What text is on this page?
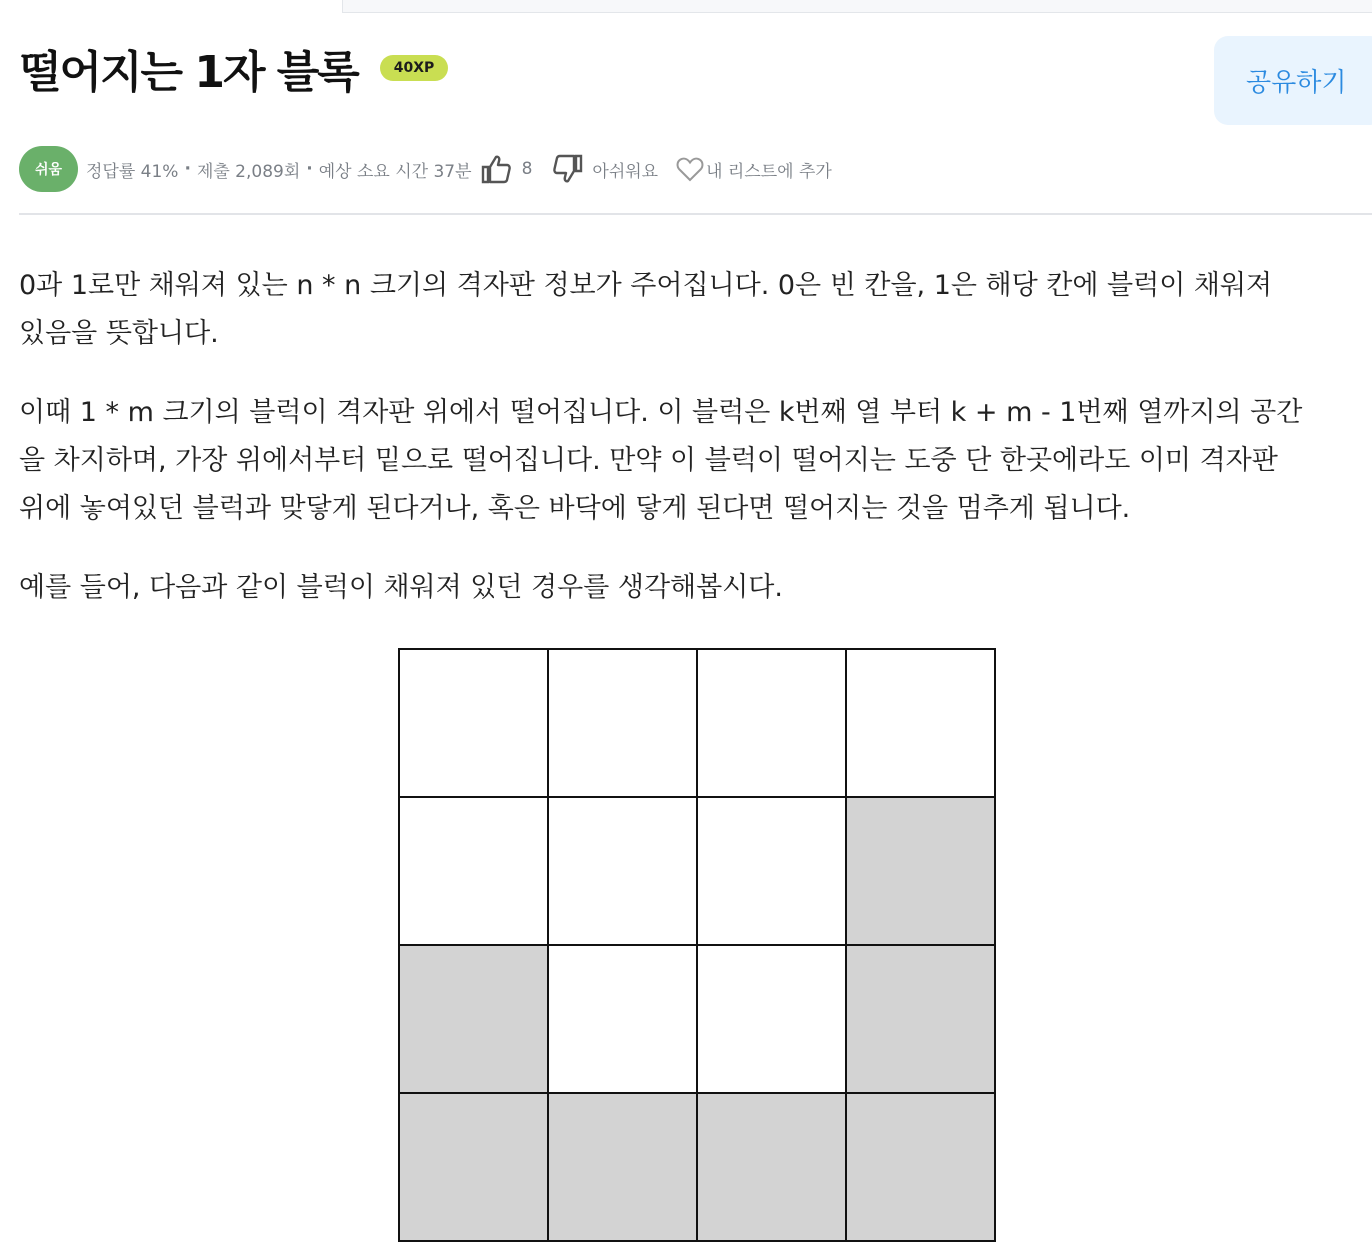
떨어지는 1자 블록	40XP	공유하기
쉬움	정답률 41% · 제출 2,089회 · 예상 소요 시간 37분	8	아쉬워요	내 리스트에 추가

0과 1로만 채워져 있는 n * n 크기의 격자판 정보가 주어집니다. 0은 빈 칸을, 1은 해당 칸에 블럭이 채워져
있음을 뜻합니다.

이때 1 * m 크기의 블럭이 격자판 위에서 떨어집니다. 이 블럭은 k번째 열 부터 k + m - 1번째 열까지의 공간
을 차지하며, 가장 위에서부터 밑으로 떨어집니다. 만약 이 블럭이 떨어지는 도중 단 한곳에라도 이미 격자판
위에 놓여있던 블럭과 맞닿게 된다거나, 혹은 바닥에 닿게 된다면 떨어지는 것을 멈추게 됩니다.

예를 들어, 다음과 같이 블럭이 채워져 있던 경우를 생각해봅시다.
